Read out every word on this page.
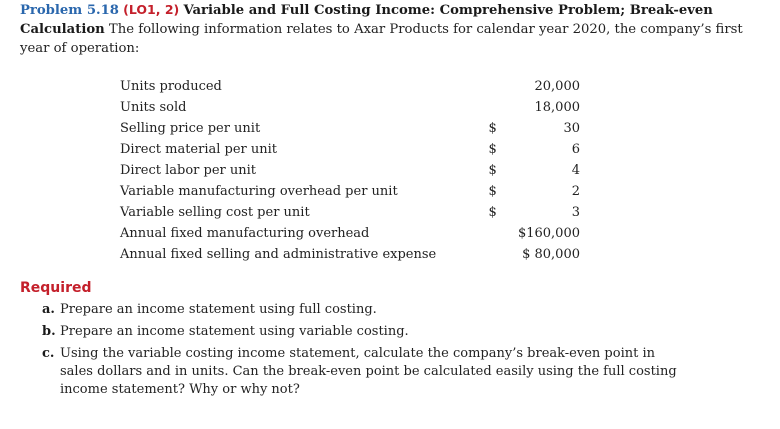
Problem 5.18 (LO1, 2) Variable and Full Costing Income: Comprehensive Problem; Break-even Calculation The following information relates to Axar Products for calendar year 2020, the company’s first year of operation:
Units produced		20,000
Units sold		18,000
Selling price per unit	$	30
Direct material per unit	$	6
Direct labor per unit	$	4
Variable manufacturing overhead per unit	$	2
Variable selling cost per unit	$	3
Annual fixed manufacturing overhead		$160,000
Annual fixed selling and administrative expense		$ 80,000
Required
a. Prepare an income statement using full costing.
b. Prepare an income statement using variable costing.
c. Using the variable costing income statement, calculate the company’s break-even point in sales dollars and in units. Can the break-even point be calculated easily using the full costing income statement? Why or why not?
